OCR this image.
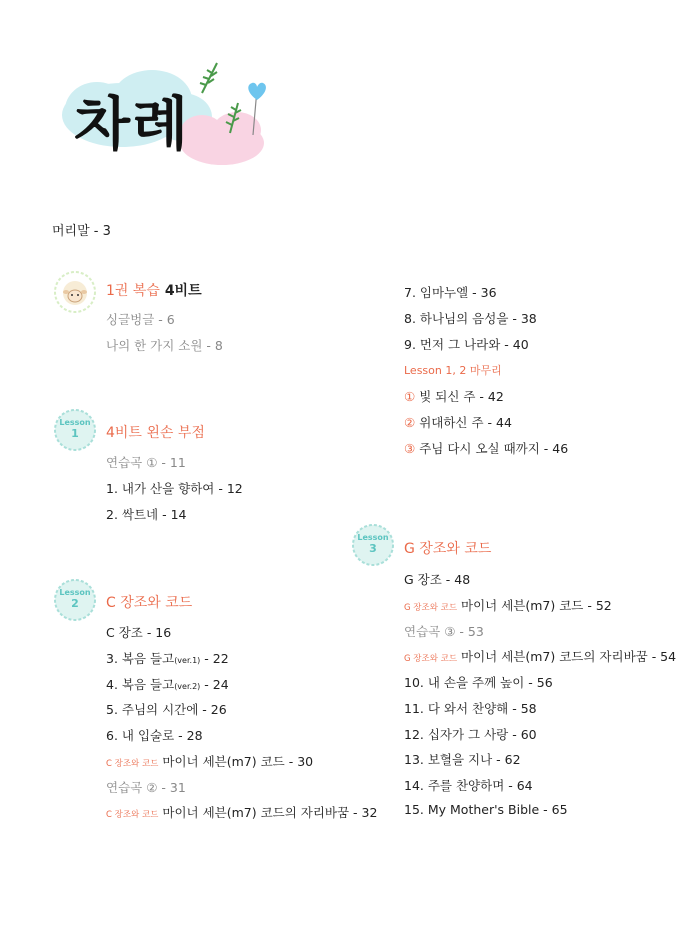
차례
머리말 - 3
1권 복습 4비트
싱글벙글 - 6
나의 한 가지 소원 - 8
Lesson
1	4비트 왼손 부점
연습곡 ① - 11
1. 내가 산을 향하여 - 12
2. 싹트네 - 14
Lesson
2	C 장조와 코드
C 장조 - 16
3. 복음 들고(ver.1) - 22
4. 복음 들고(ver.2) - 24
5. 주님의 시간에 - 26
6. 내 입술로 - 28
C 장조와 코드 마이너 세븐(m7) 코드 - 30
연습곡 ② - 31
C 장조와 코드 마이너 세븐(m7) 코드의 자리바꿈 - 32
7. 임마누엘 - 36
8. 하나님의 음성을 - 38
9. 먼저 그 나라와 - 40
Lesson 1, 2 마무리
① 빛 되신 주 - 42
② 위대하신 주 - 44
③ 주님 다시 오실 때까지 - 46
Lesson
3	G 장조와 코드
G 장조 - 48
G 장조와 코드 마이너 세븐(m7) 코드 - 52
연습곡 ③ - 53
G 장조와 코드 마이너 세븐(m7) 코드의 자리바꿈 - 54
10. 내 손을 주께 높이 - 56
11. 다 와서 찬양해 - 58
12. 십자가 그 사랑 - 60
13. 보혈을 지나 - 62
14. 주를 찬양하며 - 64
15. My Mother's Bible - 65
